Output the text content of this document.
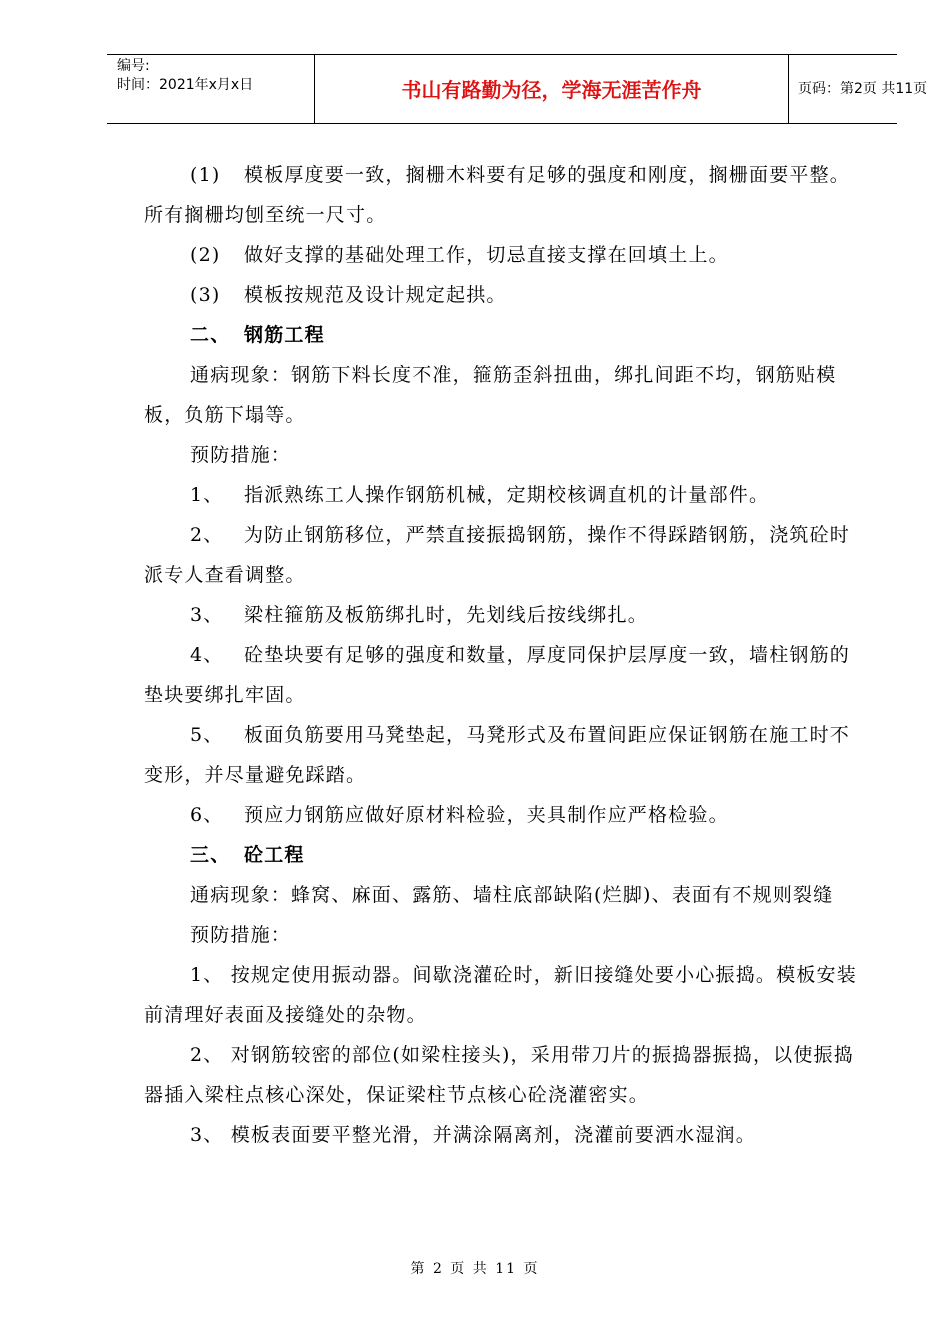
编号:
时间：2021年x月x日	书山有路勤为径，学海无涯苦作舟	页码：第2页 共11页

(1) 模板厚度要一致，搁栅木料要有足够的强度和刚度，搁栅面要平整。所有搁栅均刨至统一尺寸。

(2) 做好支撑的基础处理工作，切忌直接支撑在回填土上。

(3) 模板按规范及设计规定起拱。

二、 钢筋工程

通病现象：钢筋下料长度不准，箍筋歪斜扭曲，绑扎间距不均，钢筋贴模板，负筋下塌等。

预防措施：

1、 指派熟练工人操作钢筋机械，定期校核调直机的计量部件。

2、 为防止钢筋移位，严禁直接振捣钢筋，操作不得踩踏钢筋，浇筑砼时派专人查看调整。

3、 梁柱箍筋及板筋绑扎时，先划线后按线绑扎。

4、 砼垫块要有足够的强度和数量，厚度同保护层厚度一致，墙柱钢筋的垫块要绑扎牢固。

5、 板面负筋要用马凳垫起，马凳形式及布置间距应保证钢筋在施工时不变形，并尽量避免踩踏。

6、 预应力钢筋应做好原材料检验，夹具制作应严格检验。

三、 砼工程

通病现象：蜂窝、麻面、露筋、墙柱底部缺陷(烂脚)、表面有不规则裂缝

预防措施：

1、 按规定使用振动器。间歇浇灌砼时，新旧接缝处要小心振捣。模板安装前清理好表面及接缝处的杂物。

2、 对钢筋较密的部位(如梁柱接头)，采用带刀片的振捣器振捣，以使振捣器插入梁柱点核心深处，保证梁柱节点核心砼浇灌密实。

3、 模板表面要平整光滑，并满涂隔离剂，浇灌前要洒水湿润。

第 2 页 共 11 页
